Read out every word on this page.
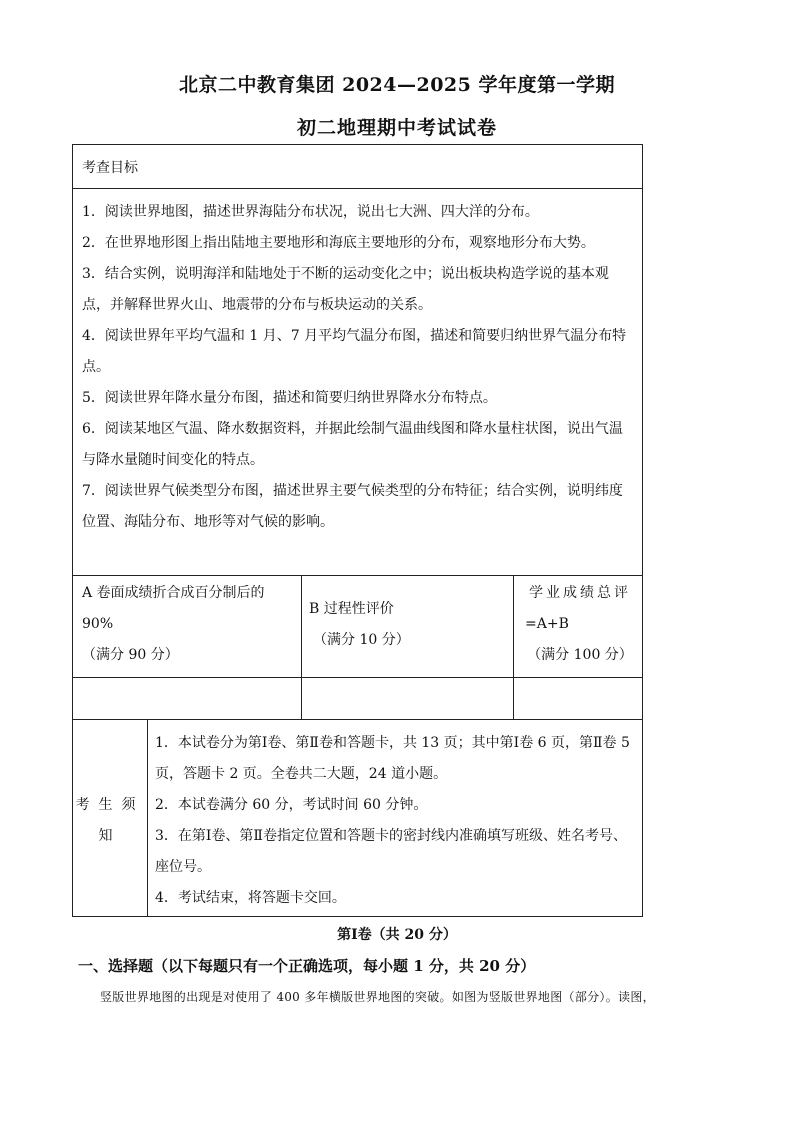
北京二中教育集团 2024—2025 学年度第一学期
初二地理期中考试试卷
考查目标
1．阅读世界地图，描述世界海陆分布状况，说出七大洲、四大洋的分布。
2．在世界地形图上指出陆地主要地形和海底主要地形的分布，观察地形分布大势。
3．结合实例，说明海洋和陆地处于不断的运动变化之中；说出板块构造学说的基本观点，并解释世界火山、地震带的分布与板块运动的关系。
4．阅读世界年平均气温和 1 月、7 月平均气温分布图，描述和简要归纳世界气温分布特点。
5．阅读世界年降水量分布图，描述和简要归纳世界降水分布特点。
6．阅读某地区气温、降水数据资料，并据此绘制气温曲线图和降水量柱状图，说出气温与降水量随时间变化的特点。
7．阅读世界气候类型分布图，描述世界主要气候类型的分布特征；结合实例，说明纬度位置、海陆分布、地形等对气候的影响。
A 卷面成绩折合成百分制后的
90%
（满分 90 分）
B 过程性评价
（满分 10 分）
学业成绩总评
=A+B
（满分 100 分）
考生须知
1．本试卷分为第Ⅰ卷、第Ⅱ卷和答题卡，共 13 页；其中第Ⅰ卷 6 页，第Ⅱ卷 5 页，答题卡 2 页。全卷共二大题，24 道小题。
2．本试卷满分 60 分，考试时间 60 分钟。
3．在第Ⅰ卷、第Ⅱ卷指定位置和答题卡的密封线内准确填写班级、姓名考号、座位号。
4．考试结束，将答题卡交回。
第Ⅰ卷（共 20 分）
一、选择题（以下每题只有一个正确选项，每小题 1 分，共 20 分）
竖版世界地图的出现是对使用了 400 多年横版世界地图的突破。如图为竖版世界地图（部分）。读图，
